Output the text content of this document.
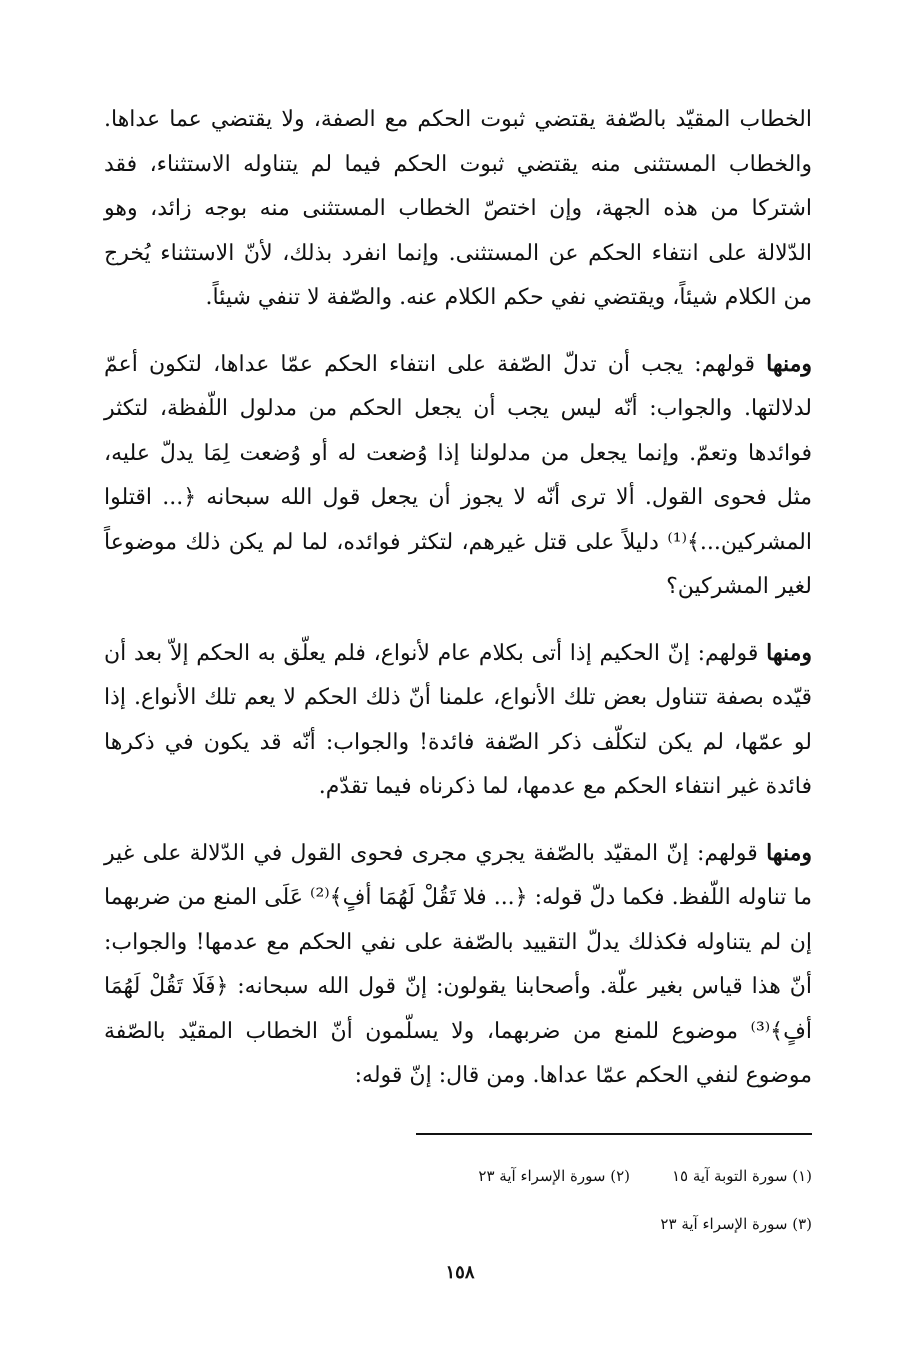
الخطاب المقيّد بالصّفة يقتضي ثبوت الحكم مع الصفة، ولا يقتضي عما عداها. والخطاب المستثنى منه يقتضي ثبوت الحكم فيما لم يتناوله الاستثناء، فقد اشتركا من هذه الجهة، وإن اختصّ الخطاب المستثنى منه بوجه زائد، وهو الدّلالة على انتفاء الحكم عن المستثنى. وإنما انفرد بذلك، لأنّ الاستثناء يُخرج من الكلام شيئاً، ويقتضي نفي حكم الكلام عنه. والصّفة لا تنفي شيئاً.

ومنها قولهم: يجب أن تدلّ الصّفة على انتفاء الحكم عمّا عداها، لتكون أعمّ لدلالتها. والجواب: أنّه ليس يجب أن يجعل الحكم من مدلول اللّفظة، لتكثر فوائدها وتعمّ. وإنما يجعل من مدلولنا إذا وُضعت له أو وُضعت لِمَا يدلّ عليه، مثل فحوى القول. ألا ترى أنّه لا يجوز أن يجعل قول الله سبحانه ﴿... اقتلوا المشركين...﴾⁽¹⁾ دليلاً على قتل غيرهم، لتكثر فوائده، لما لم يكن ذلك موضوعاً لغير المشركين؟

ومنها قولهم: إنّ الحكيم إذا أتى بكلام عام لأنواع، فلم يعلّق به الحكم إلاّ بعد أن قيّده بصفة تتناول بعض تلك الأنواع، علمنا أنّ ذلك الحكم لا يعم تلك الأنواع. إذا لو عمّها، لم يكن لتكلّف ذكر الصّفة فائدة! والجواب: أنّه قد يكون في ذكرها فائدة غير انتفاء الحكم مع عدمها، لما ذكرناه فيما تقدّم.

ومنها قولهم: إنّ المقيّد بالصّفة يجري مجرى فحوى القول في الدّلالة على غير ما تناوله اللّفظ. فكما دلّ قوله: ﴿... فلا تَقُلْ لَهُمَا أفٍ﴾⁽²⁾ عَلَى المنع من ضربهما إن لم يتناوله فكذلك يدلّ التقييد بالصّفة على نفي الحكم مع عدمها! والجواب: أنّ هذا قياس بغير علّة. وأصحابنا يقولون: إنّ قول الله سبحانه: ﴿فَلَا تَقُلْ لَهُمَا أفٍ﴾⁽³⁾ موضوع للمنع من ضربهما، ولا يسلّمون أنّ الخطاب المقيّد بالصّفة موضوع لنفي الحكم عمّا عداها. ومن قال: إنّ قوله:

(١) سورة التوبة آية ١٥
(٢) سورة الإسراء آية ٢٣
(٣) سورة الإسراء آية ٢٣
١٥٨
